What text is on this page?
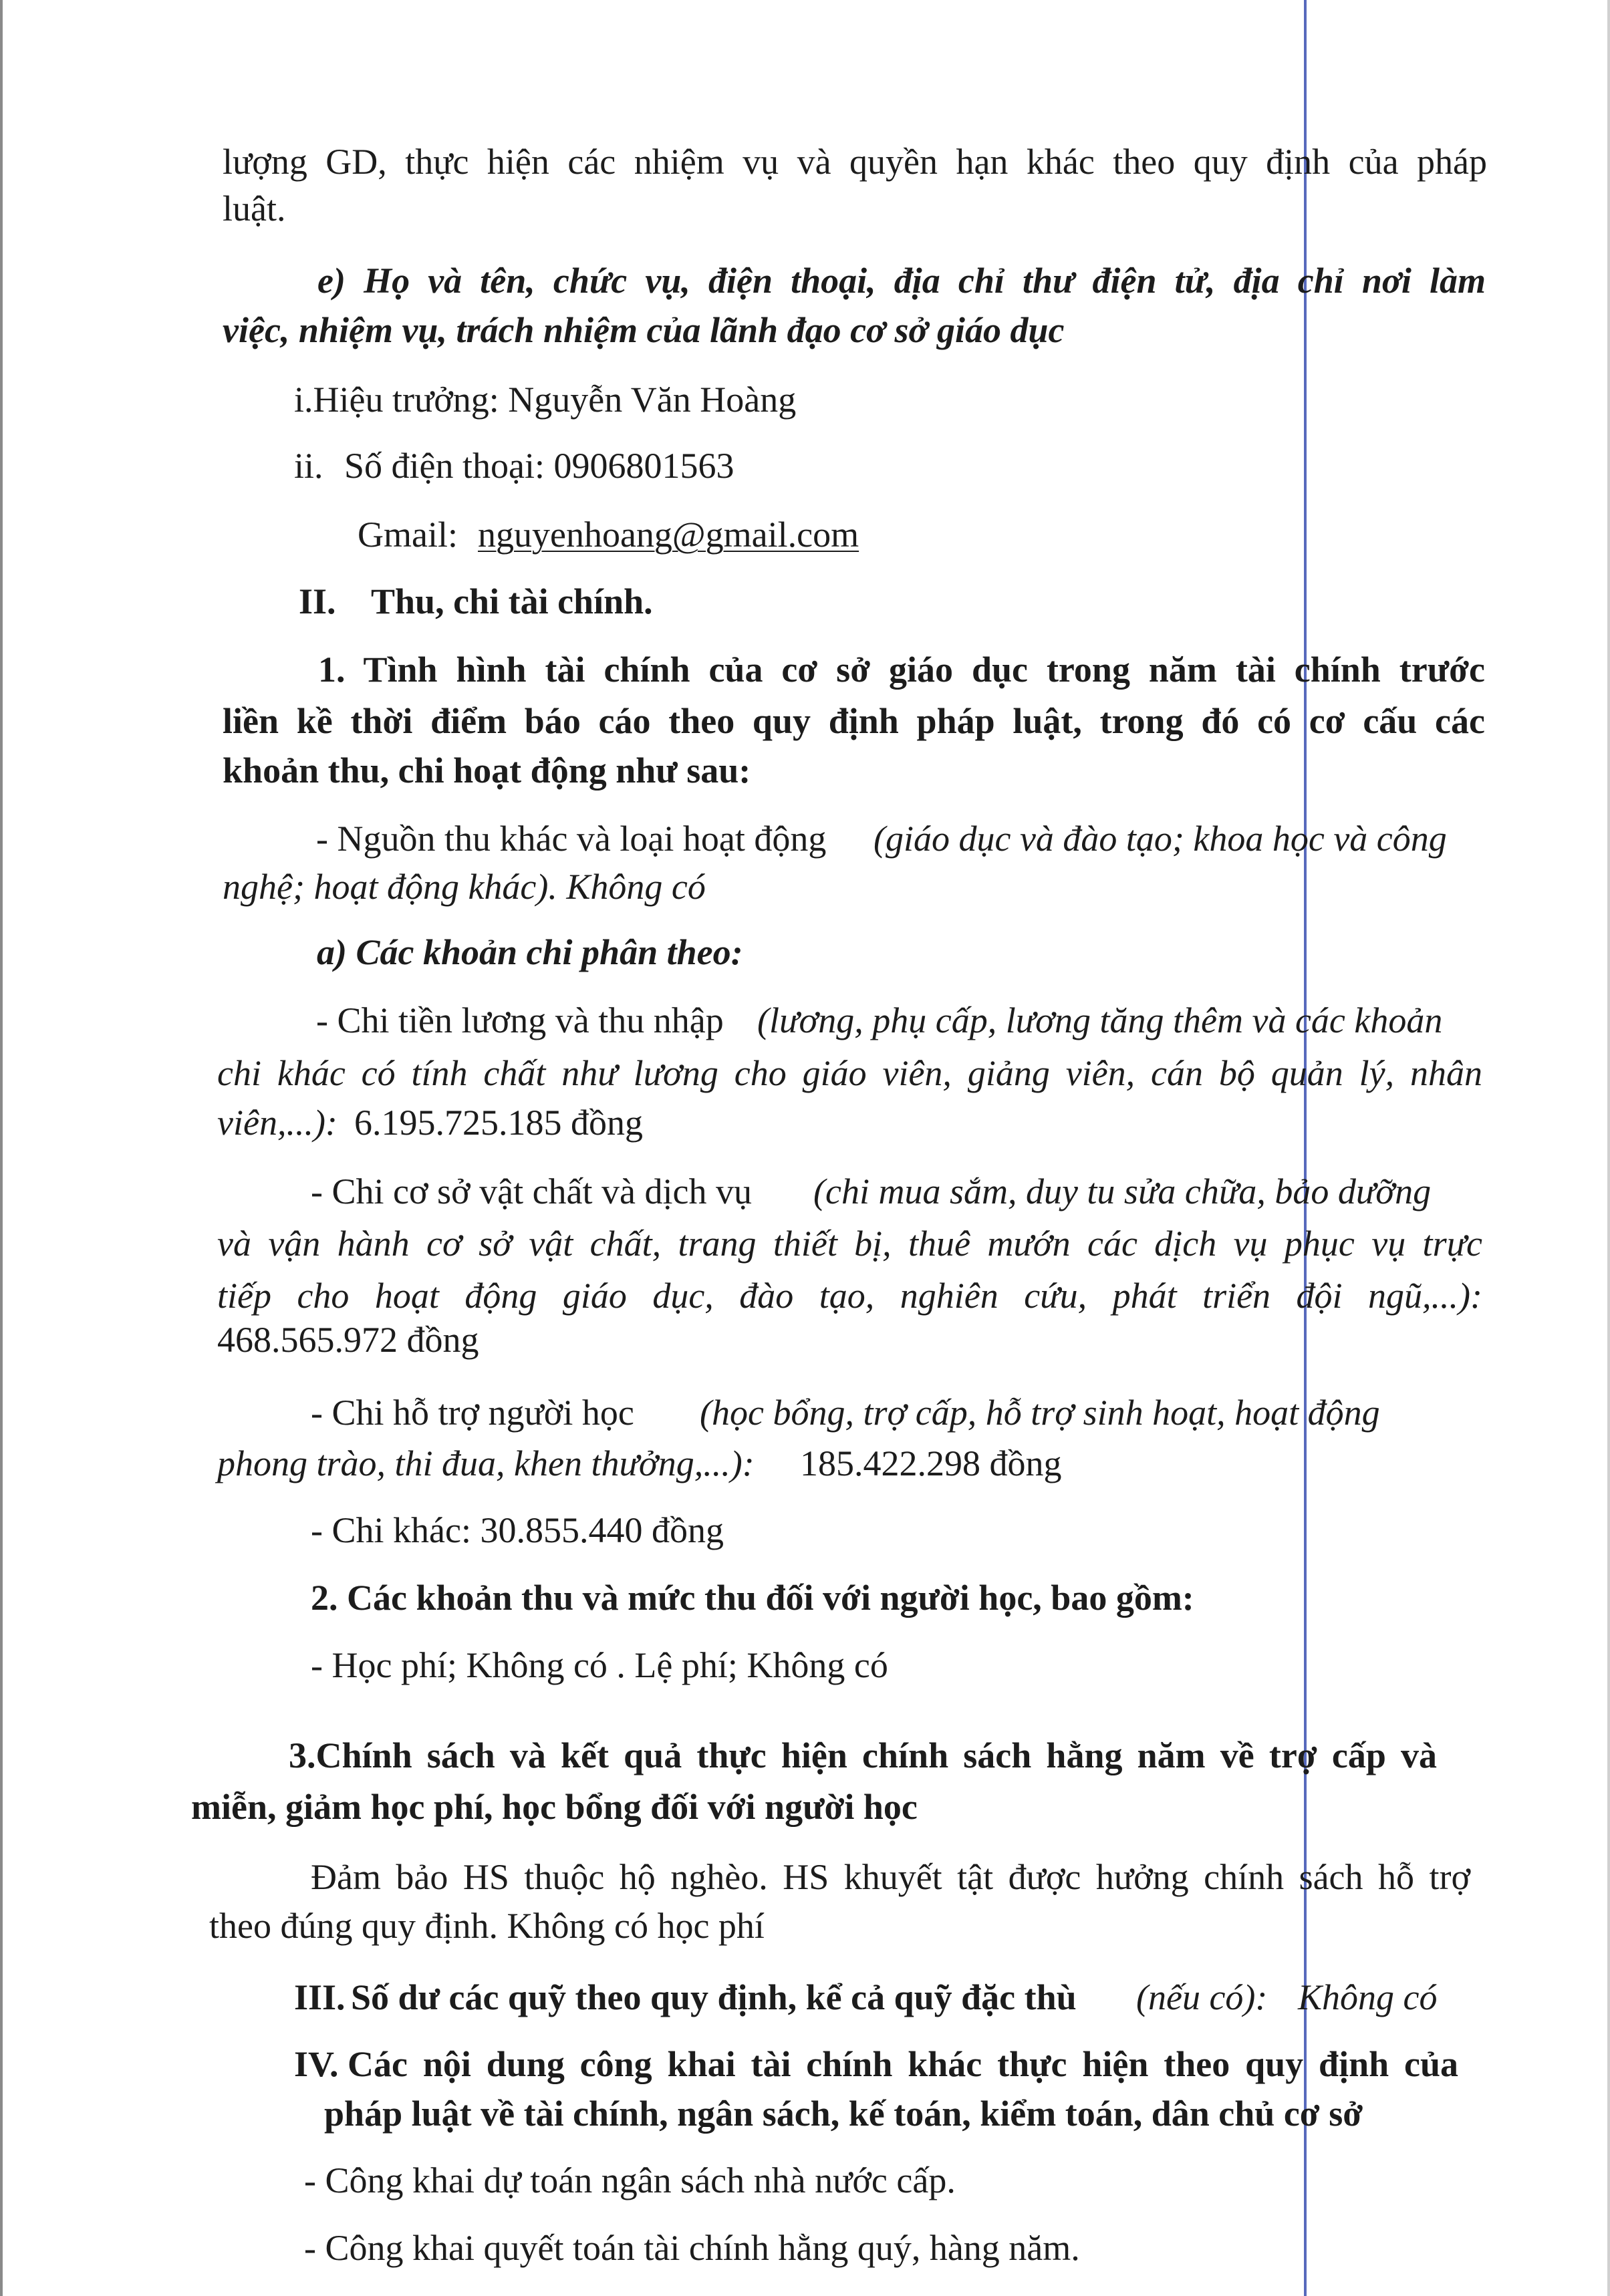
lượng GD, thực hiện các nhiệm vụ và quyền hạn khác theo quy định của pháp
luật.
e) Họ và tên, chức vụ, điện thoại, địa chỉ thư điện tử, địa chỉ nơi làm
việc, nhiệm vụ, trách nhiệm của lãnh đạo cơ sở giáo dục
i.Hiệu trưởng: Nguyễn Văn Hoàng
ii. Số điện thoại: 0906801563
Gmail: nguyenhoang@gmail.com
II. Thu, chi tài chính.
1. Tình hình tài chính của cơ sở giáo dục trong năm tài chính trước
liền kề thời điểm báo cáo theo quy định pháp luật, trong đó có cơ cấu các
khoản thu, chi hoạt động như sau:
- Nguồn thu khác và loại hoạt động (giáo dục và đào tạo; khoa học và công
nghệ; hoạt động khác). Không có
a) Các khoản chi phân theo:
- Chi tiền lương và thu nhập (lương, phụ cấp, lương tăng thêm và các khoản
chi khác có tính chất như lương cho giáo viên, giảng viên, cán bộ quản lý, nhân
viên,...): 6.195.725.185 đồng
- Chi cơ sở vật chất và dịch vụ (chi mua sắm, duy tu sửa chữa, bảo dưỡng
và vận hành cơ sở vật chất, trang thiết bị, thuê mướn các dịch vụ phục vụ trực
tiếp cho hoạt động giáo dục, đào tạo, nghiên cứu, phát triển đội ngũ,...):
468.565.972 đồng
- Chi hỗ trợ người học (học bổng, trợ cấp, hỗ trợ sinh hoạt, hoạt động
phong trào, thi đua, khen thưởng,...): 185.422.298 đồng
- Chi khác: 30.855.440 đồng
2. Các khoản thu và mức thu đối với người học, bao gồm:
- Học phí; Không có . Lệ phí; Không có
3.Chính sách và kết quả thực hiện chính sách hằng năm về trợ cấp và
miễn, giảm học phí, học bổng đối với người học
Đảm bảo HS thuộc hộ nghèo. HS khuyết tật được hưởng chính sách hỗ trợ
theo đúng quy định. Không có học phí
III. Số dư các quỹ theo quy định, kể cả quỹ đặc thù (nếu có): Không có
IV. Các nội dung công khai tài chính khác thực hiện theo quy định của
pháp luật về tài chính, ngân sách, kế toán, kiểm toán, dân chủ cơ sở
- Công khai dự toán ngân sách nhà nước cấp.
- Công khai quyết toán tài chính hằng quý, hàng năm.
